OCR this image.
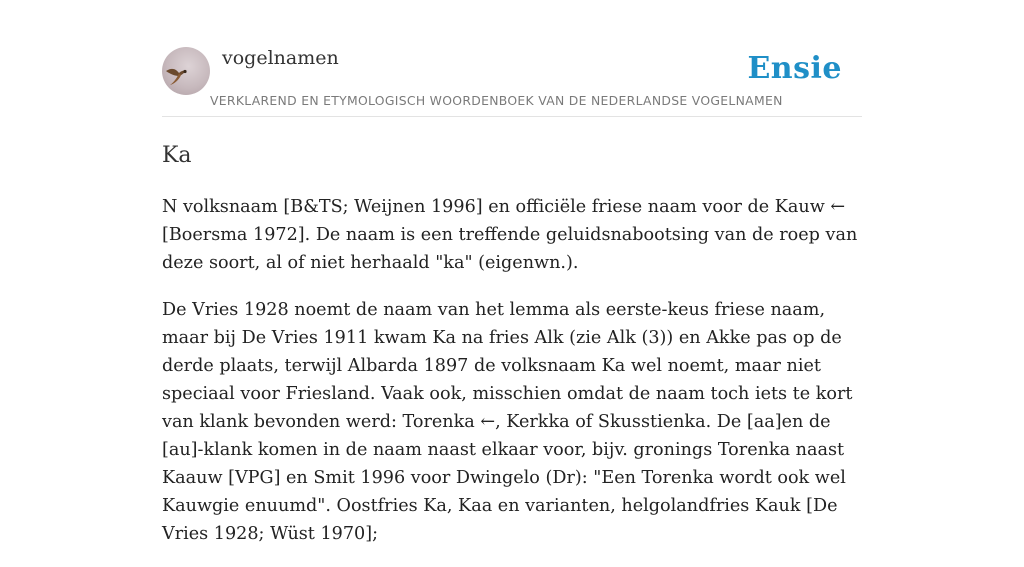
vogelnamen	Ensie
VERKLAREND EN ETYMOLOGISCH WOORDENBOEK VAN DE NEDERLANDSE VOGELNAMEN
Ka

N volksnaam [B&TS; Weijnen 1996] en officiële friese naam voor de Kauw ← [Boersma 1972]. De naam is een treffende geluidsnabootsing van de roep van deze soort, al of niet herhaald "ka" (eigenwn.).

De Vries 1928 noemt de naam van het lemma als eerste-keus friese naam, maar bij De Vries 1911 kwam Ka na fries Alk (zie Alk (3)) en Akke pas op de derde plaats, terwijl Albarda 1897 de volksnaam Ka wel noemt, maar niet speciaal voor Friesland. Vaak ook, misschien omdat de naam toch iets te kort van klank bevonden werd: Torenka ←, Kerkka of Skusstienka. De [aa]en de [au]-klank komen in de naam naast elkaar voor, bijv. gronings Torenka naast Kaauw [VPG] en Smit 1996 voor Dwingelo (Dr): "Een Torenka wordt ook wel Kauwgie enuumd". Oostfries Ka, Kaa en varianten, helgolandfries Kauk [De Vries 1928; Wüst 1970];
